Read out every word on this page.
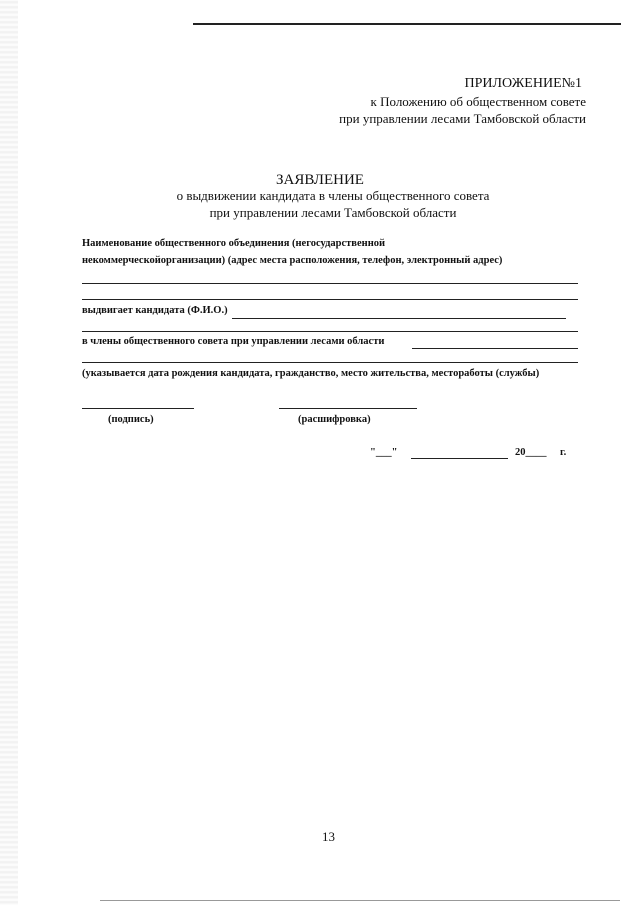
ПРИЛОЖЕНИЕ№1
к Положению об общественном совете
при управлении лесами Тамбовской области
ЗАЯВЛЕНИЕ
о выдвижении кандидата в члены общественного совета
при управлении лесами Тамбовской области
Наименование общественного объединения (негосударственной
некоммерческойорганизации) (адрес места расположения, телефон, электронный адрес)
выдвигает кандидата (Ф.И.О.)
в члены общественного совета при управлении лесами области
(указывается дата рождения кандидата, гражданство, место жительства, местоработы (службы)
(подпись)	(расшифровка)
"___"	20____ г.
13
